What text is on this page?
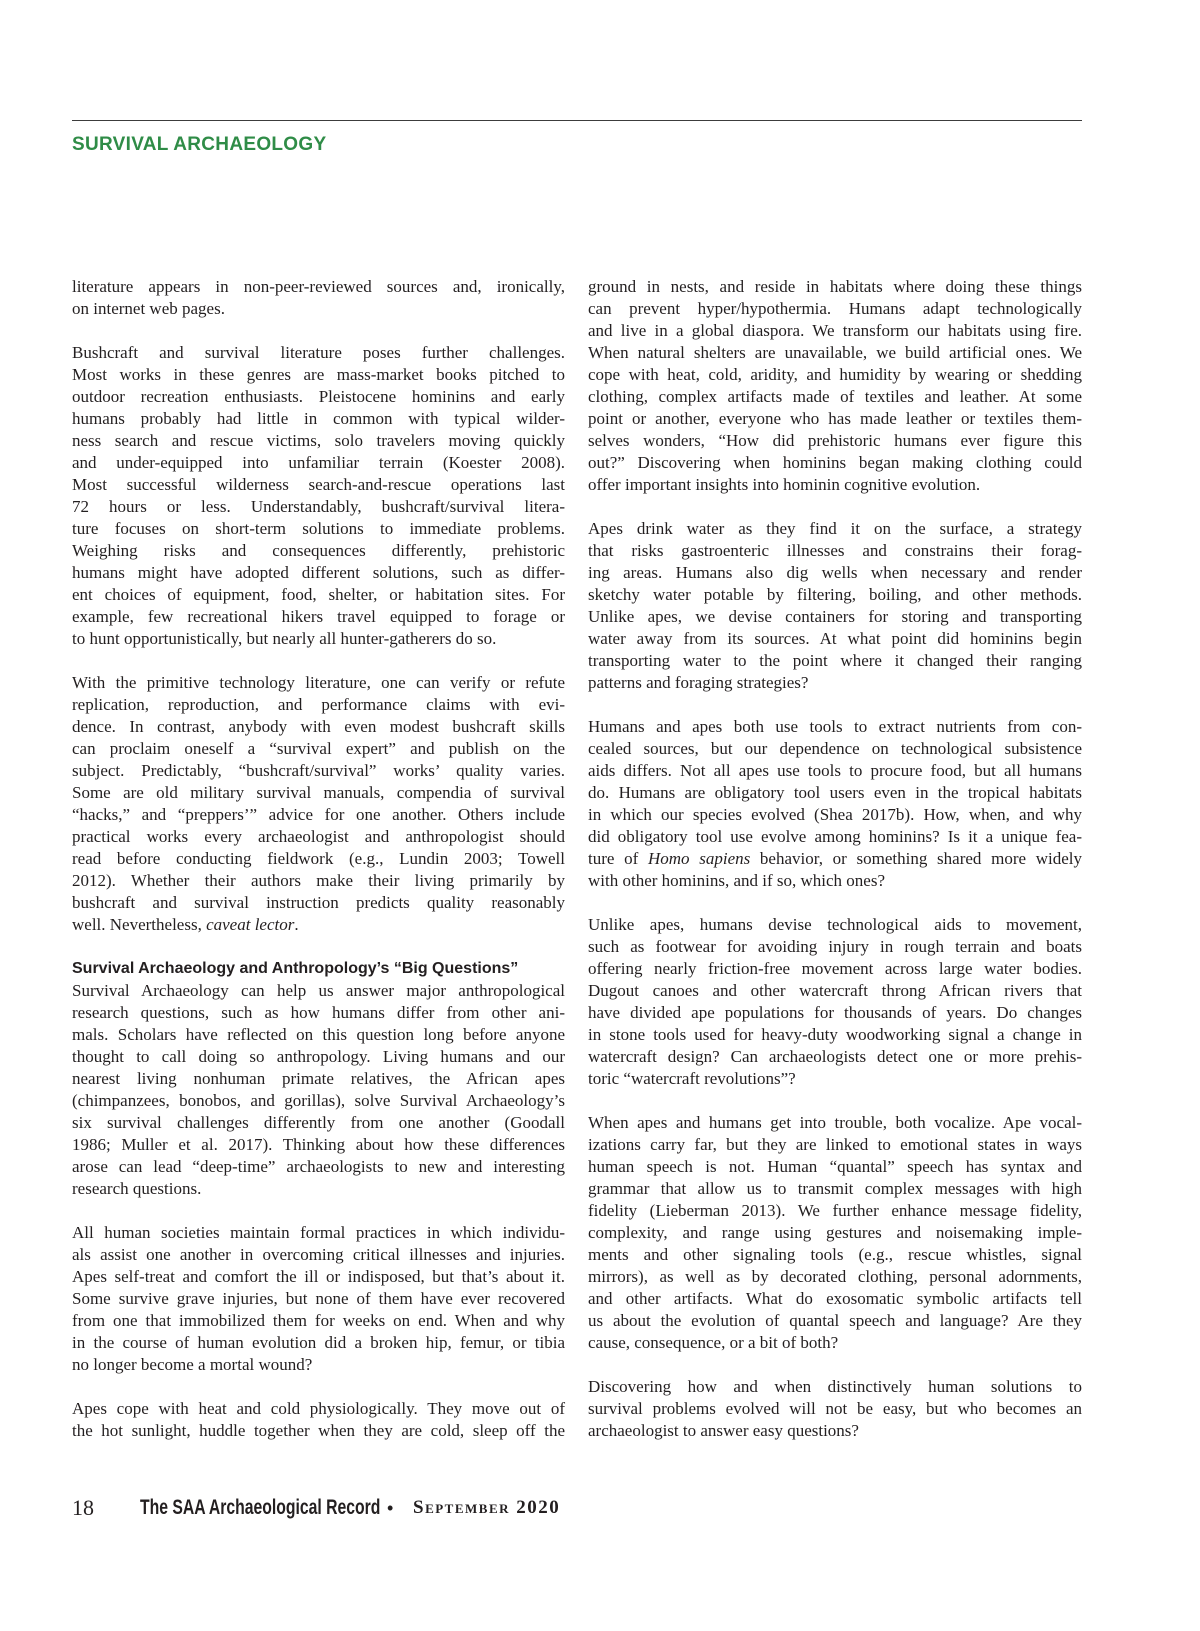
SURVIVAL ARCHAEOLOGY
literature appears in non-peer-reviewed sources and, ironically,
on internet web pages.
Bushcraft and survival literature poses further challenges.
Most works in these genres are mass-market books pitched to
outdoor recreation enthusiasts. Pleistocene hominins and early
humans probably had little in common with typical wilder-
ness search and rescue victims, solo travelers moving quickly
and under-equipped into unfamiliar terrain (Koester 2008).
Most successful wilderness search-and-rescue operations last
72 hours or less. Understandably, bushcraft/survival litera-
ture focuses on short-term solutions to immediate problems.
Weighing risks and consequences differently, prehistoric
humans might have adopted different solutions, such as differ-
ent choices of equipment, food, shelter, or habitation sites. For
example, few recreational hikers travel equipped to forage or
to hunt opportunistically, but nearly all hunter-gatherers do so.
With the primitive technology literature, one can verify or refute
replication, reproduction, and performance claims with evi-
dence. In contrast, anybody with even modest bushcraft skills
can proclaim oneself a “survival expert” and publish on the
subject. Predictably, “bushcraft/survival” works’ quality varies.
Some are old military survival manuals, compendia of survival
“hacks,” and “preppers’” advice for one another. Others include
practical works every archaeologist and anthropologist should
read before conducting fieldwork (e.g., Lundin 2003; Towell
2012). Whether their authors make their living primarily by
bushcraft and survival instruction predicts quality reasonably
well. Nevertheless, caveat lector.
Survival Archaeology and Anthropology’s “Big Questions”
Survival Archaeology can help us answer major anthropological
research questions, such as how humans differ from other ani-
mals. Scholars have reflected on this question long before anyone
thought to call doing so anthropology. Living humans and our
nearest living nonhuman primate relatives, the African apes
(chimpanzees, bonobos, and gorillas), solve Survival Archaeology’s
six survival challenges differently from one another (Goodall
1986; Muller et al. 2017). Thinking about how these differences
arose can lead “deep-time” archaeologists to new and interesting
research questions.
All human societies maintain formal practices in which individu-
als assist one another in overcoming critical illnesses and injuries.
Apes self-treat and comfort the ill or indisposed, but that’s about it.
Some survive grave injuries, but none of them have ever recovered
from one that immobilized them for weeks on end. When and why
in the course of human evolution did a broken hip, femur, or tibia
no longer become a mortal wound?
Apes cope with heat and cold physiologically. They move out of
the hot sunlight, huddle together when they are cold, sleep off the
ground in nests, and reside in habitats where doing these things
can prevent hyper/hypothermia. Humans adapt technologically
and live in a global diaspora. We transform our habitats using fire.
When natural shelters are unavailable, we build artificial ones. We
cope with heat, cold, aridity, and humidity by wearing or shedding
clothing, complex artifacts made of textiles and leather. At some
point or another, everyone who has made leather or textiles them-
selves wonders, “How did prehistoric humans ever figure this
out?” Discovering when hominins began making clothing could
offer important insights into hominin cognitive evolution.
Apes drink water as they find it on the surface, a strategy
that risks gastroenteric illnesses and constrains their forag-
ing areas. Humans also dig wells when necessary and render
sketchy water potable by filtering, boiling, and other methods.
Unlike apes, we devise containers for storing and transporting
water away from its sources. At what point did hominins begin
transporting water to the point where it changed their ranging
patterns and foraging strategies?
Humans and apes both use tools to extract nutrients from con-
cealed sources, but our dependence on technological subsistence
aids differs. Not all apes use tools to procure food, but all humans
do. Humans are obligatory tool users even in the tropical habitats
in which our species evolved (Shea 2017b). How, when, and why
did obligatory tool use evolve among hominins? Is it a unique fea-
ture of Homo sapiens behavior, or something shared more widely
with other hominins, and if so, which ones?
Unlike apes, humans devise technological aids to movement,
such as footwear for avoiding injury in rough terrain and boats
offering nearly friction-free movement across large water bodies.
Dugout canoes and other watercraft throng African rivers that
have divided ape populations for thousands of years. Do changes
in stone tools used for heavy-duty woodworking signal a change in
watercraft design? Can archaeologists detect one or more prehis-
toric “watercraft revolutions”?
When apes and humans get into trouble, both vocalize. Ape vocal-
izations carry far, but they are linked to emotional states in ways
human speech is not. Human “quantal” speech has syntax and
grammar that allow us to transmit complex messages with high
fidelity (Lieberman 2013). We further enhance message fidelity,
complexity, and range using gestures and noisemaking imple-
ments and other signaling tools (e.g., rescue whistles, signal
mirrors), as well as by decorated clothing, personal adornments,
and other artifacts. What do exosomatic symbolic artifacts tell
us about the evolution of quantal speech and language? Are they
cause, consequence, or a bit of both?
Discovering how and when distinctively human solutions to
survival problems evolved will not be easy, but who becomes an
archaeologist to answer easy questions?
18 The SAA Archaeological Record • September 2020
